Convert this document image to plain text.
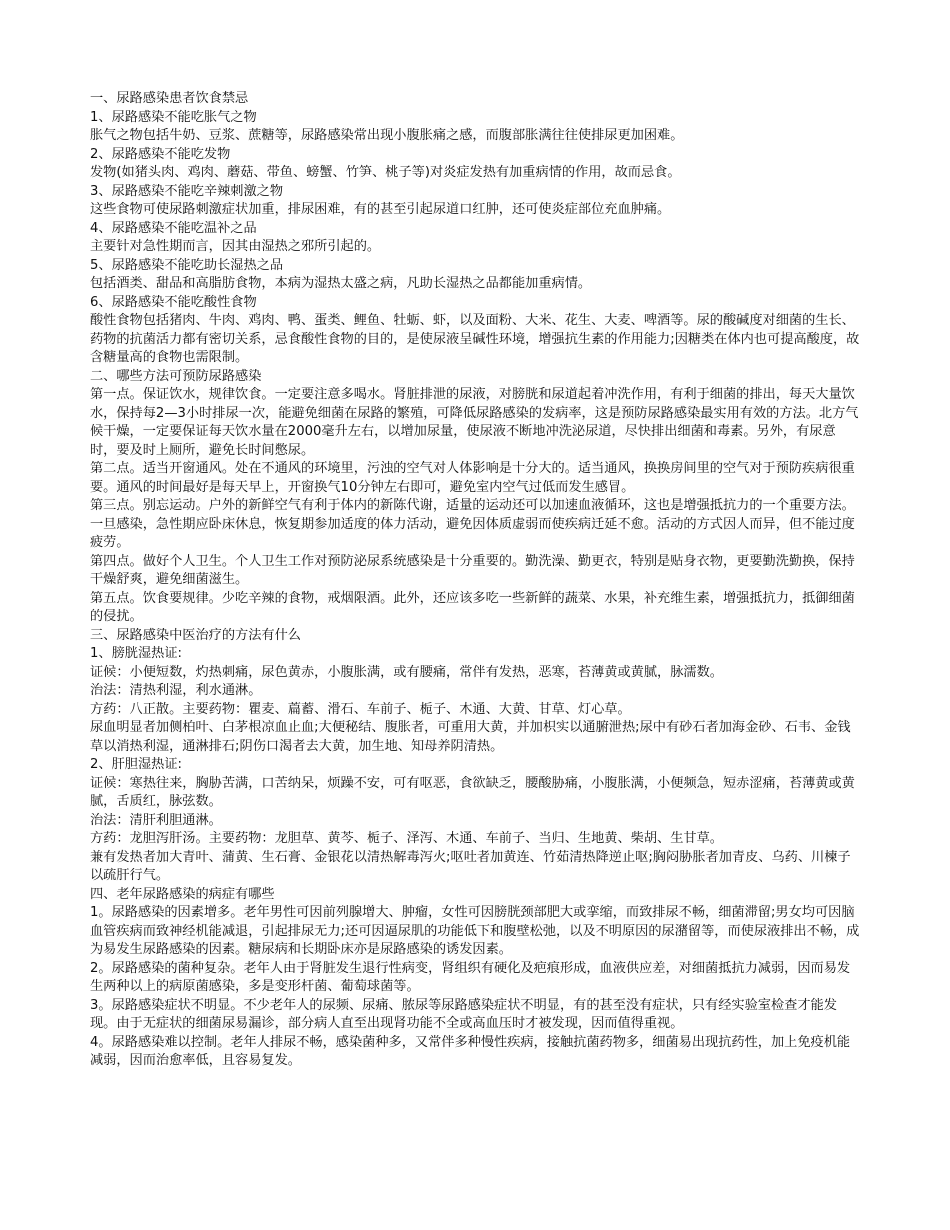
一、尿路感染患者饮食禁忌
1、尿路感染不能吃胀气之物
胀气之物包括牛奶、豆浆、蔗糖等，尿路感染常出现小腹胀痛之感，而腹部胀满往往使排尿更加困难。
2、尿路感染不能吃发物
发物(如猪头肉、鸡肉、蘑菇、带鱼、螃蟹、竹笋、桃子等)对炎症发热有加重病情的作用，故而忌食。
3、尿路感染不能吃辛辣刺激之物
这些食物可使尿路刺激症状加重，排尿困难，有的甚至引起尿道口红肿，还可使炎症部位充血肿痛。
4、尿路感染不能吃温补之品
主要针对急性期而言，因其由湿热之邪所引起的。
5、尿路感染不能吃助长湿热之品
包括酒类、甜品和高脂肪食物，本病为湿热太盛之病，凡助长湿热之品都能加重病情。
6、尿路感染不能吃酸性食物
酸性食物包括猪肉、牛肉、鸡肉、鸭、蛋类、鲤鱼、牡蛎、虾，以及面粉、大米、花生、大麦、啤酒等。尿的酸碱度对细菌的生长、药物的抗菌活力都有密切关系，忌食酸性食物的目的，是使尿液呈碱性环境，增强抗生素的作用能力;因糖类在体内也可提高酸度，故含糖量高的食物也需限制。
二、哪些方法可预防尿路感染
第一点。保证饮水，规律饮食。一定要注意多喝水。肾脏排泄的尿液，对膀胱和尿道起着冲洗作用，有利于细菌的排出，每天大量饮水，保持每2—3小时排尿一次，能避免细菌在尿路的繁殖，可降低尿路感染的发病率，这是预防尿路感染最实用有效的方法。北方气候干燥，一定要保证每天饮水量在2000毫升左右，以增加尿量，使尿液不断地冲洗泌尿道，尽快排出细菌和毒素。另外，有尿意时，要及时上厕所，避免长时间憋尿。
第二点。适当开窗通风。处在不通风的环境里，污浊的空气对人体影响是十分大的。适当通风，换换房间里的空气对于预防疾病很重要。通风的时间最好是每天早上，开窗换气10分钟左右即可，避免室内空气过低而发生感冒。
第三点。别忘运动。户外的新鲜空气有利于体内的新陈代谢，适量的运动还可以加速血液循环，这也是增强抵抗力的一个重要方法。一旦感染，急性期应卧床休息，恢复期参加适度的体力活动，避免因体质虚弱而使疾病迁延不愈。活动的方式因人而异，但不能过度疲劳。
第四点。做好个人卫生。个人卫生工作对预防泌尿系统感染是十分重要的。勤洗澡、勤更衣，特别是贴身衣物，更要勤洗勤换，保持干燥舒爽，避免细菌滋生。
第五点。饮食要规律。少吃辛辣的食物，戒烟限酒。此外，还应该多吃一些新鲜的蔬菜、水果，补充维生素，增强抵抗力，抵御细菌的侵扰。
三、尿路感染中医治疗的方法有什么
1、膀胱湿热证:
证候：小便短数，灼热刺痛，尿色黄赤，小腹胀满，或有腰痛，常伴有发热，恶寒，苔薄黄或黄腻，脉濡数。
治法：清热利湿，利水通淋。
方药：八正散。主要药物：瞿麦、萹蓄、滑石、车前子、栀子、木通、大黄、甘草、灯心草。
尿血明显者加侧柏叶、白茅根凉血止血;大便秘结、腹胀者，可重用大黄，并加枳实以通腑泄热;尿中有砂石者加海金砂、石韦、金钱草以消热利湿，通淋排石;阴伤口渴者去大黄，加生地、知母养阴清热。
2、肝胆湿热证:
证候：寒热往来，胸胁苦满，口苦纳呆，烦躁不安，可有呕恶，食欲缺乏，腰酸胁痛，小腹胀满，小便频急，短赤涩痛，苔薄黄或黄腻，舌质红，脉弦数。
治法：清肝利胆通淋。
方药：龙胆泻肝汤。主要药物：龙胆草、黄芩、栀子、泽泻、木通、车前子、当归、生地黄、柴胡、生甘草。
兼有发热者加大青叶、蒲黄、生石膏、金银花以清热解毒泻火;呕吐者加黄连、竹茹清热降逆止呕;胸闷胁胀者加青皮、乌药、川楝子以疏肝行气。
四、老年尿路感染的病症有哪些
1。尿路感染的因素增多。老年男性可因前列腺增大、肿瘤，女性可因膀胱颈部肥大或挛缩，而致排尿不畅，细菌滞留;男女均可因脑血管疾病而致神经机能减退，引起排尿无力;还可因逼尿肌的功能低下和腹壁松弛，以及不明原因的尿潴留等，而使尿液排出不畅，成为易发生尿路感染的因素。糖尿病和长期卧床亦是尿路感染的诱发因素。
2。尿路感染的菌种复杂。老年人由于肾脏发生退行性病变，肾组织有硬化及疤痕形成，血液供应差，对细菌抵抗力减弱，因而易发生两种以上的病原菌感染，多是变形杆菌、葡萄球菌等。
3。尿路感染症状不明显。不少老年人的尿频、尿痛、脓尿等尿路感染症状不明显，有的甚至没有症状，只有经实验室检查才能发现。由于无症状的细菌尿易漏诊，部分病人直至出现肾功能不全或高血压时才被发现，因而值得重视。
4。尿路感染难以控制。老年人排尿不畅，感染菌种多，又常伴多种慢性疾病，接触抗菌药物多，细菌易出现抗药性，加上免疫机能减弱，因而治愈率低，且容易复发。
